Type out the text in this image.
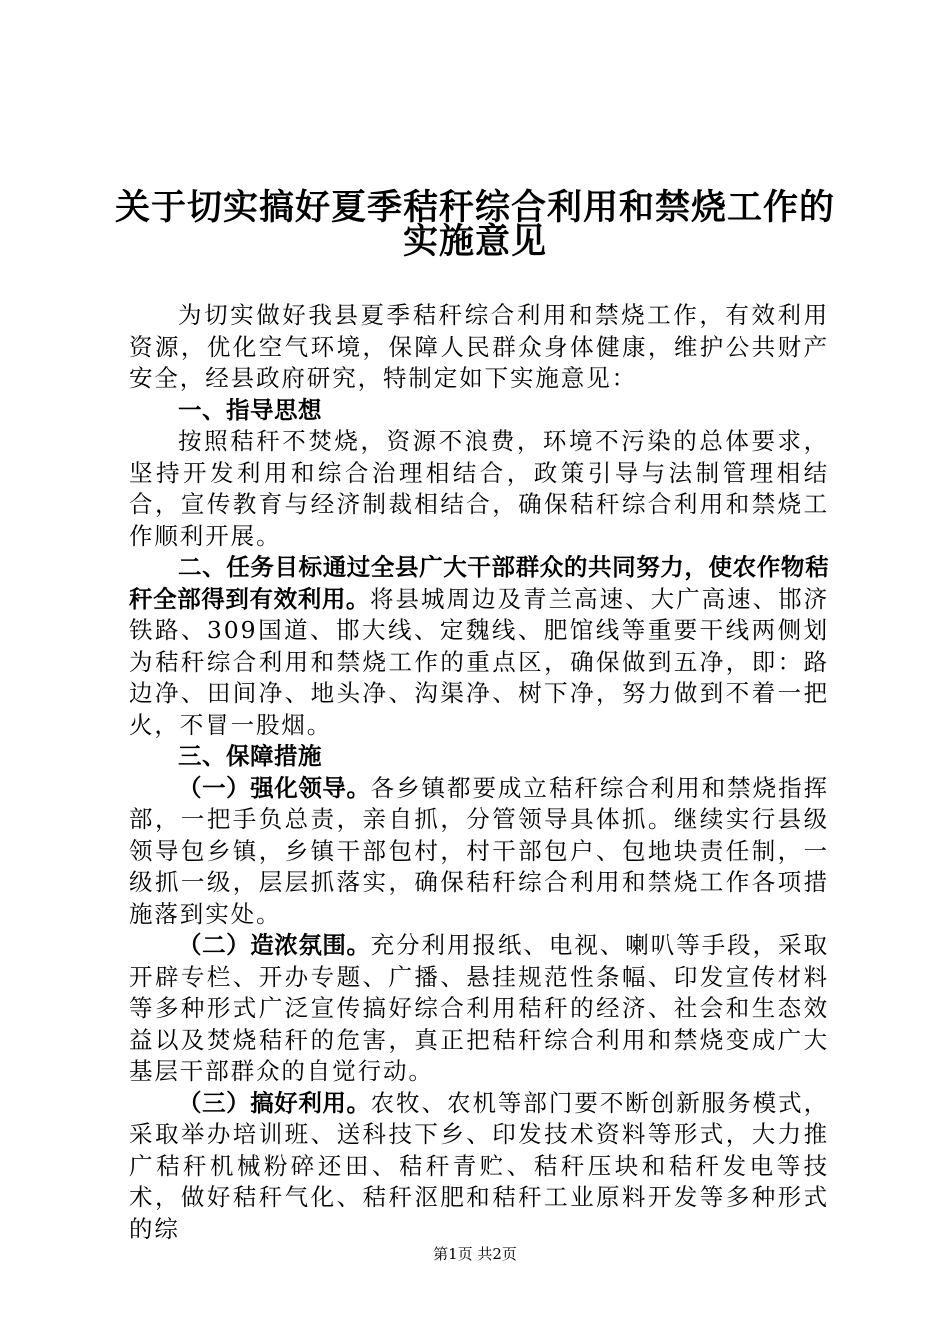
关于切实搞好夏季秸秆综合利用和禁烧工作的
实施意见

为切实做好我县夏季秸秆综合利用和禁烧工作，有效利用资源，优化空气环境，保障人民群众身体健康，维护公共财产安全，经县政府研究，特制定如下实施意见：

一、指导思想

按照秸秆不焚烧，资源不浪费，环境不污染的总体要求，坚持开发利用和综合治理相结合，政策引导与法制管理相结合，宣传教育与经济制裁相结合，确保秸秆综合利用和禁烧工作顺利开展。

二、任务目标通过全县广大干部群众的共同努力，使农作物秸秆全部得到有效利用。将县城周边及青兰高速、大广高速、邯济铁路、309国道、邯大线、定魏线、肥馆线等重要干线两侧划为秸秆综合利用和禁烧工作的重点区，确保做到五净，即：路边净、田间净、地头净、沟渠净、树下净，努力做到不着一把火，不冒一股烟。

三、保障措施

（一）强化领导。各乡镇都要成立秸秆综合利用和禁烧指挥部，一把手负总责，亲自抓，分管领导具体抓。继续实行县级领导包乡镇，乡镇干部包村，村干部包户、包地块责任制，一级抓一级，层层抓落实，确保秸秆综合利用和禁烧工作各项措施落到实处。

（二）造浓氛围。充分利用报纸、电视、喇叭等手段，采取开辟专栏、开办专题、广播、悬挂规范性条幅、印发宣传材料等多种形式广泛宣传搞好综合利用秸秆的经济、社会和生态效益以及焚烧秸秆的危害，真正把秸秆综合利用和禁烧变成广大基层干部群众的自觉行动。

（三）搞好利用。农牧、农机等部门要不断创新服务模式，采取举办培训班、送科技下乡、印发技术资料等形式，大力推广秸秆机械粉碎还田、秸秆青贮、秸秆压块和秸秆发电等技术，做好秸秆气化、秸秆沤肥和秸秆工业原料开发等多种形式的综

第1页 共2页
